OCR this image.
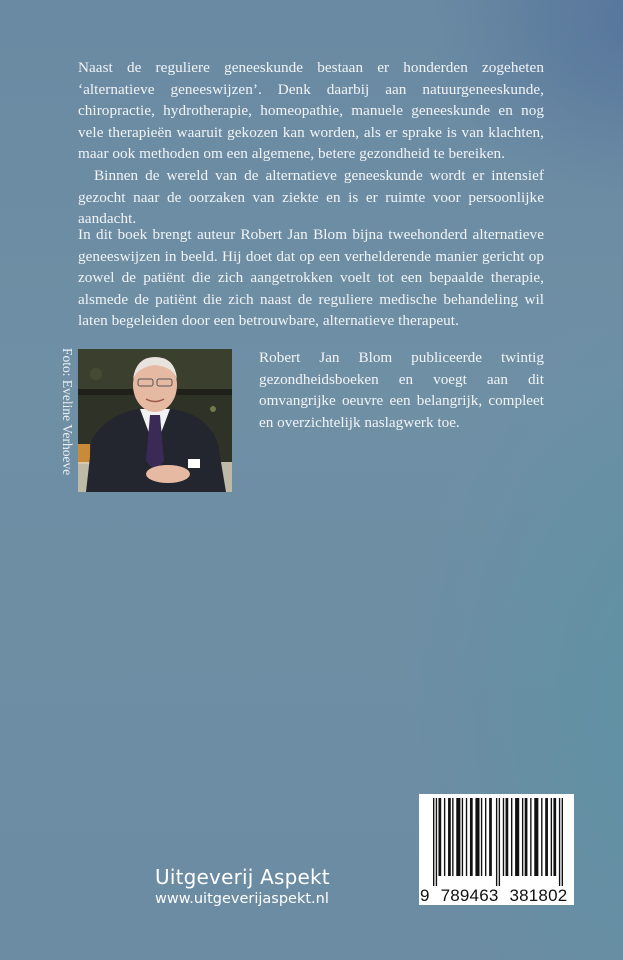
Naast de reguliere geneeskunde bestaan er honderden zogeheten ‘alternatieve geneeswijzen’. Denk daarbij aan natuurgeneeskunde, chiropractie, hydrotherapie, homeopathie, manuele geneeskunde en nog vele therapieën waaruit gekozen kan worden, als er sprake is van klachten, maar ook methoden om een algemene, betere gezondheid te bereiken.

Binnen de wereld van de alternatieve geneeskunde wordt er intensief gezocht naar de oorzaken van ziekte en is er ruimte voor persoonlijke aandacht.

In dit boek brengt auteur Robert Jan Blom bijna tweehonderd alternatieve geneeswijzen in beeld. Hij doet dat op een verhelderende manier gericht op zowel de patiënt die zich aangetrokken voelt tot een bepaalde therapie, alsmede de patiënt die zich naast de reguliere medische behandeling wil laten begeleiden door een betrouwbare, alternatieve therapeut.

Foto: Eveline Verhoeve	Robert Jan Blom publiceerde twintig gezondheidsboeken en voegt aan dit omvangrijke oeuvre een belangrijk, compleet en overzichtelijk naslagwerk toe.
Uitgeverij Aspekt
www.uitgeverijaspekt.nl	9 789463 381802
